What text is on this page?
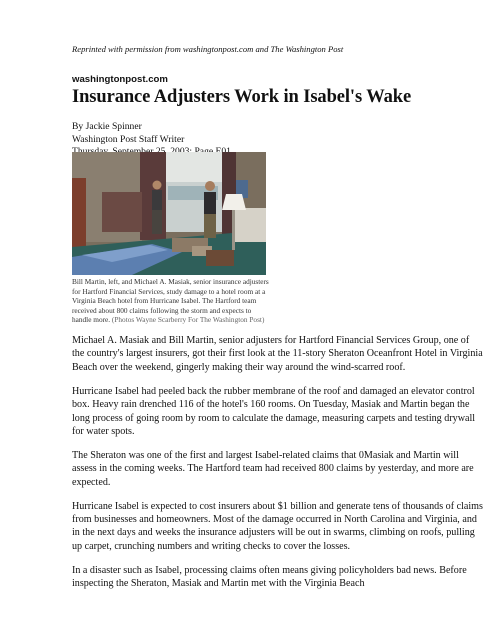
Reprinted with permission from washingtonpost.com and The Washington Post
washingtonpost.com
Insurance Adjusters Work in Isabel's Wake
By Jackie Spinner
Washington Post Staff Writer
Bill Martin, left, and Michael A. Masiak, senior insurance adjusters for Hartford Financial Services, study damage to a hotel room at a Virginia Beach hotel from Hurricane Isabel. The Hartford team received about 800 claims following the storm and expects to handle more. (Photos Wayne Scarberry For The Washington Post)

Michael A. Masiak and Bill Martin, senior adjusters for Hartford Financial Services Group, one of the country's largest insurers, got their first look at the 11-story Sheraton Oceanfront Hotel in Virginia Beach over the weekend, gingerly making their way around the wind-scarred roof.

Hurricane Isabel had peeled back the rubber membrane of the roof and damaged an elevator control box. Heavy rain drenched 116 of the hotel's 160 rooms. On Tuesday, Masiak and Martin began the long process of going room by room to calculate the damage, measuring carpets and testing drywall for water spots.

The Sheraton was one of the first and largest Isabel-related claims that 0Masiak and Martin will assess in the coming weeks. The Hartford team had received 800 claims by yesterday, and more are expected.

Hurricane Isabel is expected to cost insurers about $1 billion and generate tens of thousands of claims from businesses and homeowners. Most of the damage occurred in North Carolina and Virginia, and in the next days and weeks the insurance adjusters will be out in swarms, climbing on roofs, pulling up carpet, crunching numbers and writing checks to cover the losses.

In a disaster such as Isabel, processing claims often means giving policyholders bad news. Before inspecting the Sheraton, Masiak and Martin met with the Virginia Beach
